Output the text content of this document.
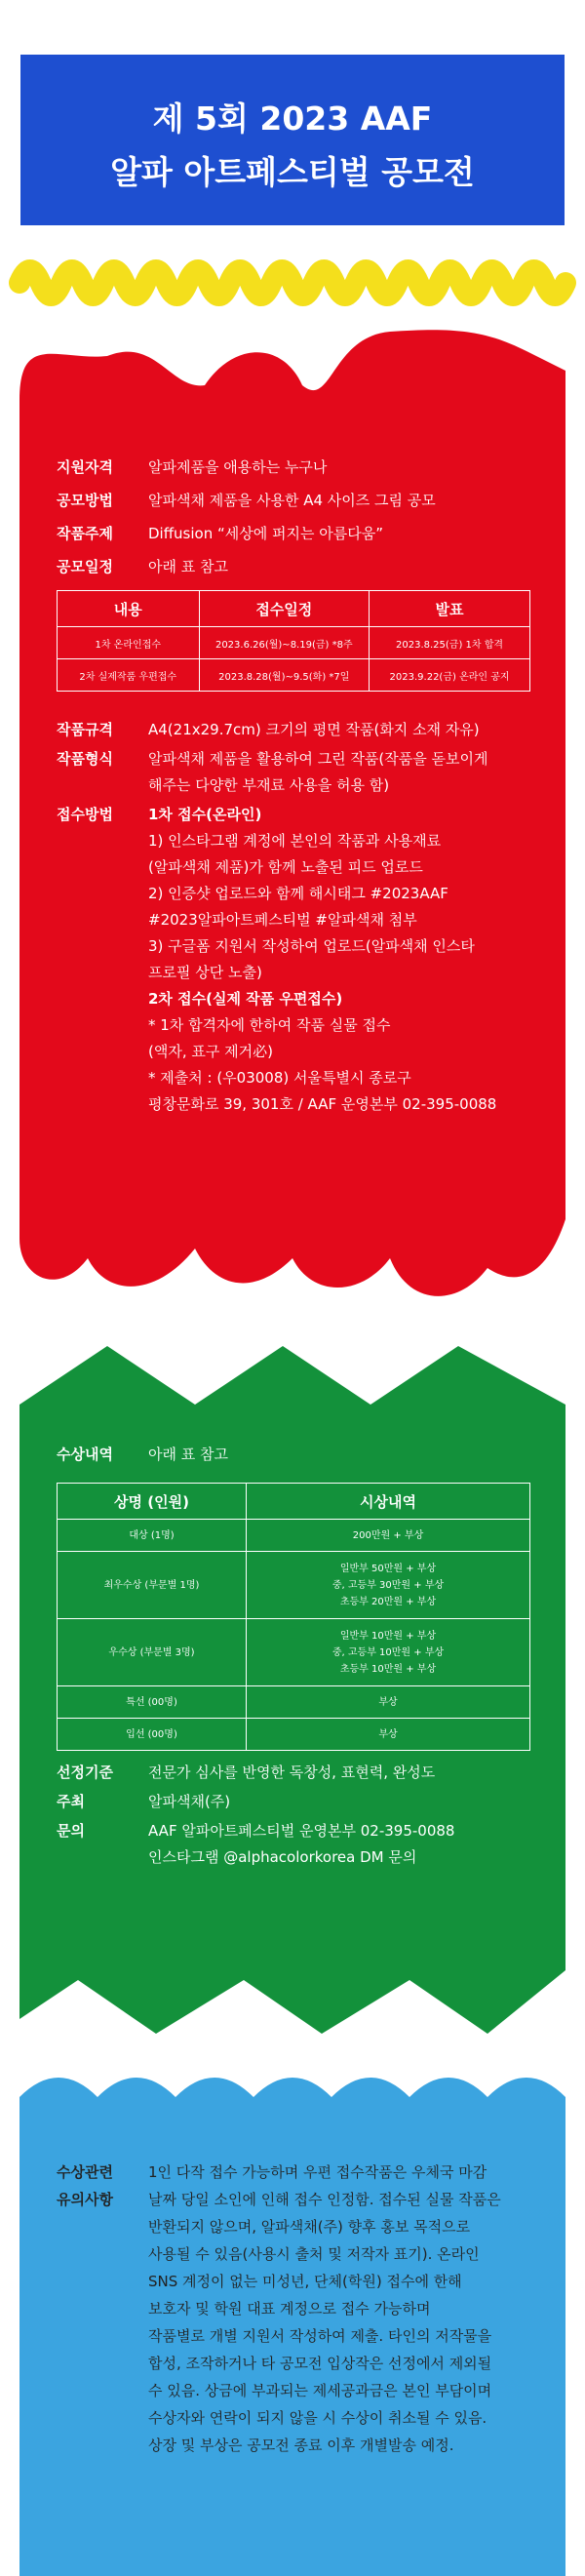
제 5회 2023 AAF
알파 아트페스티벌 공모전
지원자격	알파제품을 애용하는 누구나
공모방법	알파색채 제품을 사용한 A4 사이즈 그림 공모
작품주제	Diffusion “세상에 퍼지는 아름다움”
공모일정	아래 표 참고
내용	접수일정	발표
1차 온라인접수	2023.6.26(월)~8.19(금) *8주	2023.8.25(금) 1차 합격
2차 실제작품 우편접수	2023.8.28(월)~9.5(화) *7일	2023.9.22(금) 온라인 공지
작품규격	A4(21x29.7cm) 크기의 평면 작품(화지 소재 자유)
작품형식	알파색채 제품을 활용하여 그린 작품(작품을 돋보이게
해주는 다양한 부재료 사용을 허용 함)
접수방법	1차 접수(온라인)
1) 인스타그램 계정에 본인의 작품과 사용재료
(알파색채 제품)가 함께 노출된 피드 업로드
2) 인증샷 업로드와 함께 해시태그 #2023AAF
#2023알파아트페스티벌 #알파색채 첨부
3) 구글폼 지원서 작성하여 업로드(알파색채 인스타
프로필 상단 노출)
2차 접수(실제 작품 우편접수)
* 1차 합격자에 한하여 작품 실물 접수
(액자, 표구 제거必)
* 제출처 : (우03008) 서울특별시 종로구
평창문화로 39, 301호 / AAF 운영본부 02-395-0088
수상내역	아래 표 참고
상명 (인원)	시상내역
대상 (1명)	200만원 + 부상
최우수상 (부문별 1명)	일반부 50만원 + 부상
중, 고등부 30만원 + 부상
초등부 20만원 + 부상

우수상 (부문별 3명)	일반부 10만원 + 부상
중, 고등부 10만원 + 부상
초등부 10만원 + 부상

특선 (00명)	부상
입선 (00명)	부상
선정기준	전문가 심사를 반영한 독창성, 표현력, 완성도
주최	알파색채(주)
문의	AAF 알파아트페스티벌 운영본부 02-395-0088
인스타그램 @alphacolorkorea DM 문의
수상관련
유의사항
1인 다작 접수 가능하며 우편 접수작품은 우체국 마감
날짜 당일 소인에 인해 접수 인정함. 접수된 실물 작품은
반환되지 않으며, 알파색채(주) 향후 홍보 목적으로
사용될 수 있음(사용시 출처 및 저작자 표기). 온라인
SNS 계정이 없는 미성년, 단체(학원) 접수에 한해
보호자 및 학원 대표 계정으로 접수 가능하며
작품별로 개별 지원서 작성하여 제출. 타인의 저작물을
합성, 조작하거나 타 공모전 입상작은 선정에서 제외될
수 있음. 상금에 부과되는 제세공과금은 본인 부담이며
수상자와 연락이 되지 않을 시 수상이 취소될 수 있음.
상장 및 부상은 공모전 종료 이후 개별발송 예정.
